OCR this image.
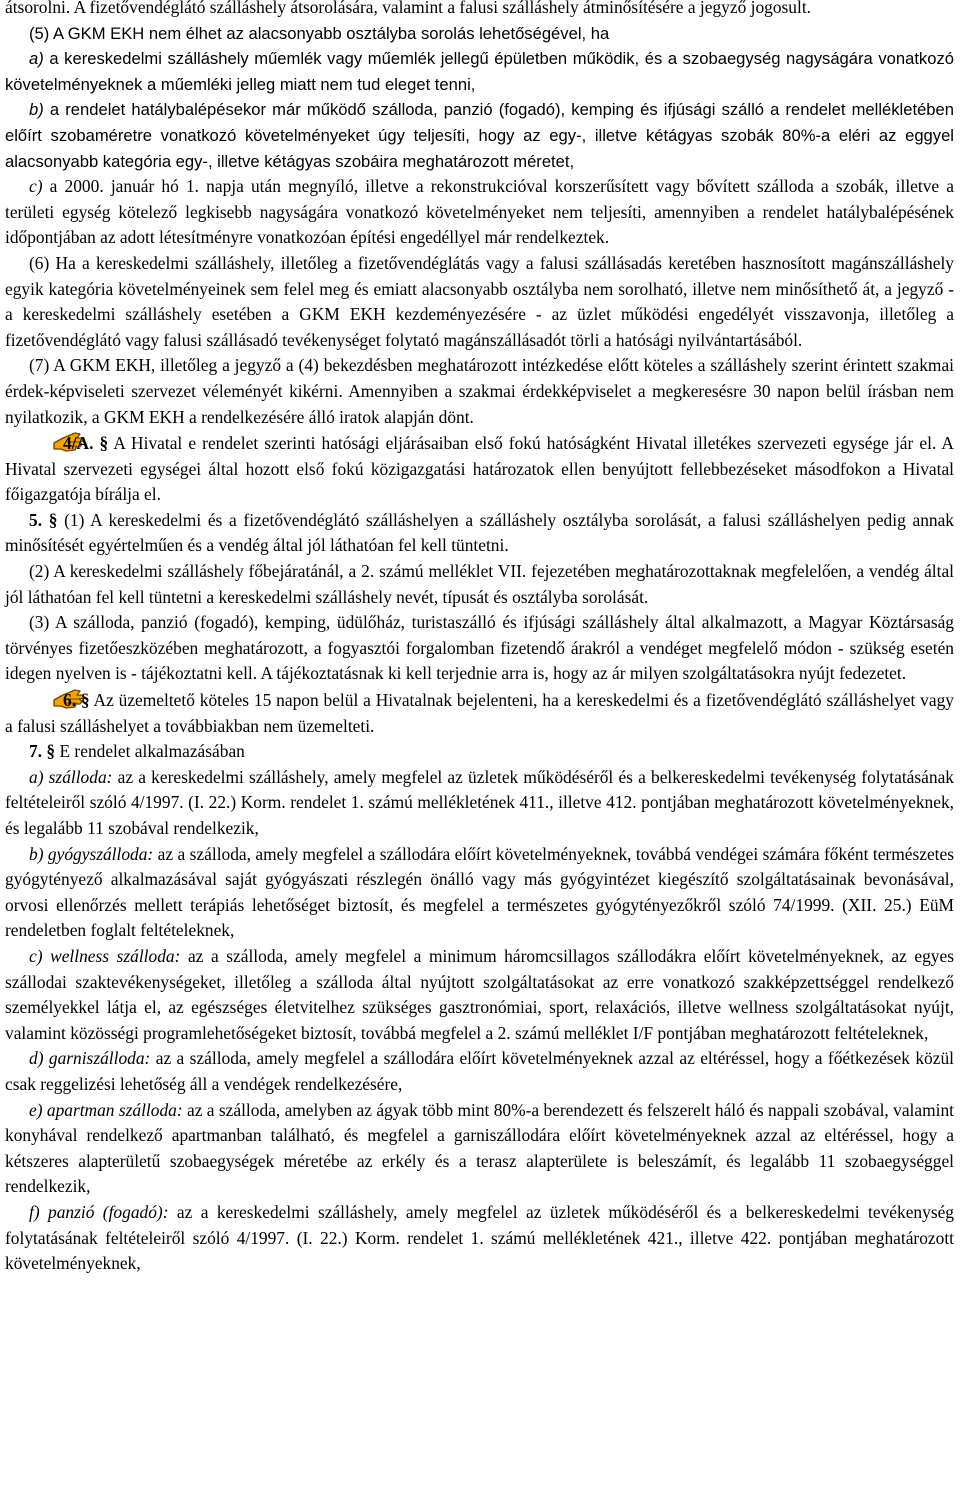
átsorolni. A fizetővendéglátó szálláshely átsorolására, valamint a falusi szálláshely átminősítésére a jegyző jogosult.

(5) A GKM EKH nem élhet az alacsonyabb osztályba sorolás lehetőségével, ha

a) a kereskedelmi szálláshely műemlék vagy műemlék jellegű épületben működik, és a szobaegység nagyságára vonatkozó követelményeknek a műemléki jelleg miatt nem tud eleget tenni,

b) a rendelet hatálybalépésekor már működő szálloda, panzió (fogadó), kemping és ifjúsági szálló a rendelet mellékletében előírt szobaméretre vonatkozó követelményeket úgy teljesíti, hogy az egy-, illetve kétágyas szobák 80%-a eléri az eggyel alacsonyabb kategória egy-, illetve kétágyas szobáira meghatározott méretet,

c) a 2000. január hó 1. napja után megnyíló, illetve a rekonstrukcióval korszerűsített vagy bővített szálloda a szobák, illetve a területi egység kötelező legkisebb nagyságára vonatkozó követelményeket nem teljesíti, amennyiben a rendelet hatálybalépésének időpontjában az adott létesítményre vonatkozóan építési engedéllyel már rendelkeztek.

(6) Ha a kereskedelmi szálláshely, illetőleg a fizetővendéglátás vagy a falusi szállásadás keretében hasznosított magánszálláshely egyik kategória követelményeinek sem felel meg és emiatt alacsonyabb osztályba nem sorolható, illetve nem minősíthető át, a jegyző - a kereskedelmi szálláshely esetében a GKM EKH kezdeményezésére - az üzlet működési engedélyét visszavonja, illetőleg a fizetővendéglátó vagy falusi szállásadó tevékenységet folytató magánszállásadót törli a hatósági nyilvántartásából.

(7) A GKM EKH, illetőleg a jegyző a (4) bekezdésben meghatározott intézkedése előtt köteles a szálláshely szerint érintett szakmai érdek-képviseleti szervezet véleményét kikérni. Amennyiben a szakmai érdekképviselet a megkeresésre 30 napon belül írásban nem nyilatkozik, a GKM EKH a rendelkezésére álló iratok alapján dönt.

4/A. § A Hivatal e rendelet szerinti hatósági eljárásaiban első fokú hatóságként Hivatal illetékes szervezeti egysége jár el. A Hivatal szervezeti egységei által hozott első fokú közigazgatási határozatok ellen benyújtott fellebbezéseket másodfokon a Hivatal főigazgatója bírálja el.

5. § (1) A kereskedelmi és a fizetővendéglátó szálláshelyen a szálláshely osztályba sorolását, a falusi szálláshelyen pedig annak minősítését egyértelműen és a vendég által jól láthatóan fel kell tüntetni.

(2) A kereskedelmi szálláshely főbejáratánál, a 2. számú melléklet VII. fejezetében meghatározottaknak megfelelően, a vendég által jól láthatóan fel kell tüntetni a kereskedelmi szálláshely nevét, típusát és osztályba sorolását.

(3) A szálloda, panzió (fogadó), kemping, üdülőház, turistaszálló és ifjúsági szálláshely által alkalmazott, a Magyar Köztársaság törvényes fizetőeszközében meghatározott, a fogyasztói forgalomban fizetendő árakról a vendéget megfelelő módon - szükség esetén idegen nyelven is - tájékoztatni kell. A tájékoztatásnak ki kell terjednie arra is, hogy az ár milyen szolgáltatásokra nyújt fedezetet.

6. § Az üzemeltető köteles 15 napon belül a Hivatalnak bejelenteni, ha a kereskedelmi és a fizetővendéglátó szálláshelyet vagy a falusi szálláshelyet a továbbiakban nem üzemelteti.

7. § E rendelet alkalmazásában

a) szálloda: az a kereskedelmi szálláshely, amely megfelel az üzletek működéséről és a belkereskedelmi tevékenység folytatásának feltételeiről szóló 4/1997. (I. 22.) Korm. rendelet 1. számú mellékletének 411., illetve 412. pontjában meghatározott követelményeknek, és legalább 11 szobával rendelkezik,

b) gyógyszálloda: az a szálloda, amely megfelel a szállodára előírt követelményeknek, továbbá vendégei számára főként természetes gyógytényező alkalmazásával saját gyógyászati részlegén önálló vagy más gyógyintézet kiegészítő szolgáltatásainak bevonásával, orvosi ellenőrzés mellett terápiás lehetőséget biztosít, és megfelel a természetes gyógytényezőkről szóló 74/1999. (XII. 25.) EüM rendeletben foglalt feltételeknek,

c) wellness szálloda: az a szálloda, amely megfelel a minimum háromcsillagos szállodákra előírt követelményeknek, az egyes szállodai szaktevékenységeket, illetőleg a szálloda által nyújtott szolgáltatásokat az erre vonatkozó szakképzettséggel rendelkező személyekkel látja el, az egészséges életvitelhez szükséges gasztronómiai, sport, relaxációs, illetve wellness szolgáltatásokat nyújt, valamint közösségi programlehetőségeket biztosít, továbbá megfelel a 2. számú melléklet I/F pontjában meghatározott feltételeknek,

d) garniszálloda: az a szálloda, amely megfelel a szállodára előírt követelményeknek azzal az eltéréssel, hogy a főétkezések közül csak reggelizési lehetőség áll a vendégek rendelkezésére,

e) apartman szálloda: az a szálloda, amelyben az ágyak több mint 80%-a berendezett és felszerelt háló és nappali szobával, valamint konyhával rendelkező apartmanban található, és megfelel a garniszállodára előírt követelményeknek azzal az eltéréssel, hogy a kétszeres alapterületű szobaegységek méretébe az erkély és a terasz alapterülete is beleszámít, és legalább 11 szobaegységgel rendelkezik,

f) panzió (fogadó): az a kereskedelmi szálláshely, amely megfelel az üzletek működéséről és a belkereskedelmi tevékenység folytatásának feltételeiről szóló 4/1997. (I. 22.) Korm. rendelet 1. számú mellékletének 421., illetve 422. pontjában meghatározott követelményeknek,
